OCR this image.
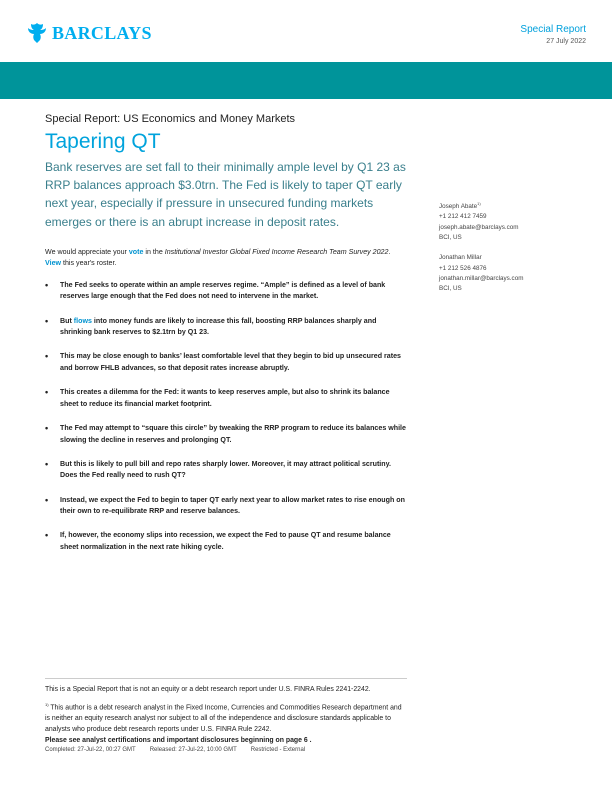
BARCLAYS	Special Report
27 July 2022
Special Report: US Economics and Money Markets
Tapering QT
Bank reserves are set fall to their minimally ample level by Q1 23 as RRP balances approach $3.0trn. The Fed is likely to taper QT early next year, especially if pressure in unsecured funding markets emerges or there is an abrupt increase in deposit rates.
We would appreciate your vote in the Institutional Investor Global Fixed Income Research Team Survey 2022. View this year's roster.
• The Fed seeks to operate within an ample reserves regime. “Ample” is defined as a level of bank reserves large enough that the Fed does not need to intervene in the market.
• But flows into money funds are likely to increase this fall, boosting RRP balances sharply and shrinking bank reserves to $2.1trn by Q1 23.
• This may be close enough to banks’ least comfortable level that they begin to bid up unsecured rates and borrow FHLB advances, so that deposit rates increase abruptly.
• This creates a dilemma for the Fed: it wants to keep reserves ample, but also to shrink its balance sheet to reduce its financial market footprint.
• The Fed may attempt to “square this circle” by tweaking the RRP program to reduce its balances while slowing the decline in reserves and prolonging QT.
• But this is likely to pull bill and repo rates sharply lower. Moreover, it may attract political scrutiny. Does the Fed really need to rush QT?
• Instead, we expect the Fed to begin to taper QT early next year to allow market rates to rise enough on their own to re-equilibrate RRP and reserve balances.
• If, however, the economy slips into recession, we expect the Fed to pause QT and resume balance sheet normalization in the next rate hiking cycle.
| FOCUS
Joseph Abate$^{1)}$
+1 212 412 7459
joseph.abate@barclays.com
BCI, US
Jonathan Millar
+1 212 526 4876
jonathan.millar@barclays.com
BCI, US
This is a Special Report that is not an equity or a debt research report under U.S. FINRA Rules 2241-2242.
$^{1)}$ This author is a debt research analyst in the Fixed Income, Currencies and Commodities Research department and is neither an equity research analyst nor subject to all of the independence and disclosure standards applicable to analysts who produce debt research reports under U.S. FINRA Rule 2242.
Please see analyst certifications and important disclosures beginning on page 6 .
Completed: 27-Jul-22, 00:27 GMT Released: 27-Jul-22, 10:00 GMT Restricted - External
